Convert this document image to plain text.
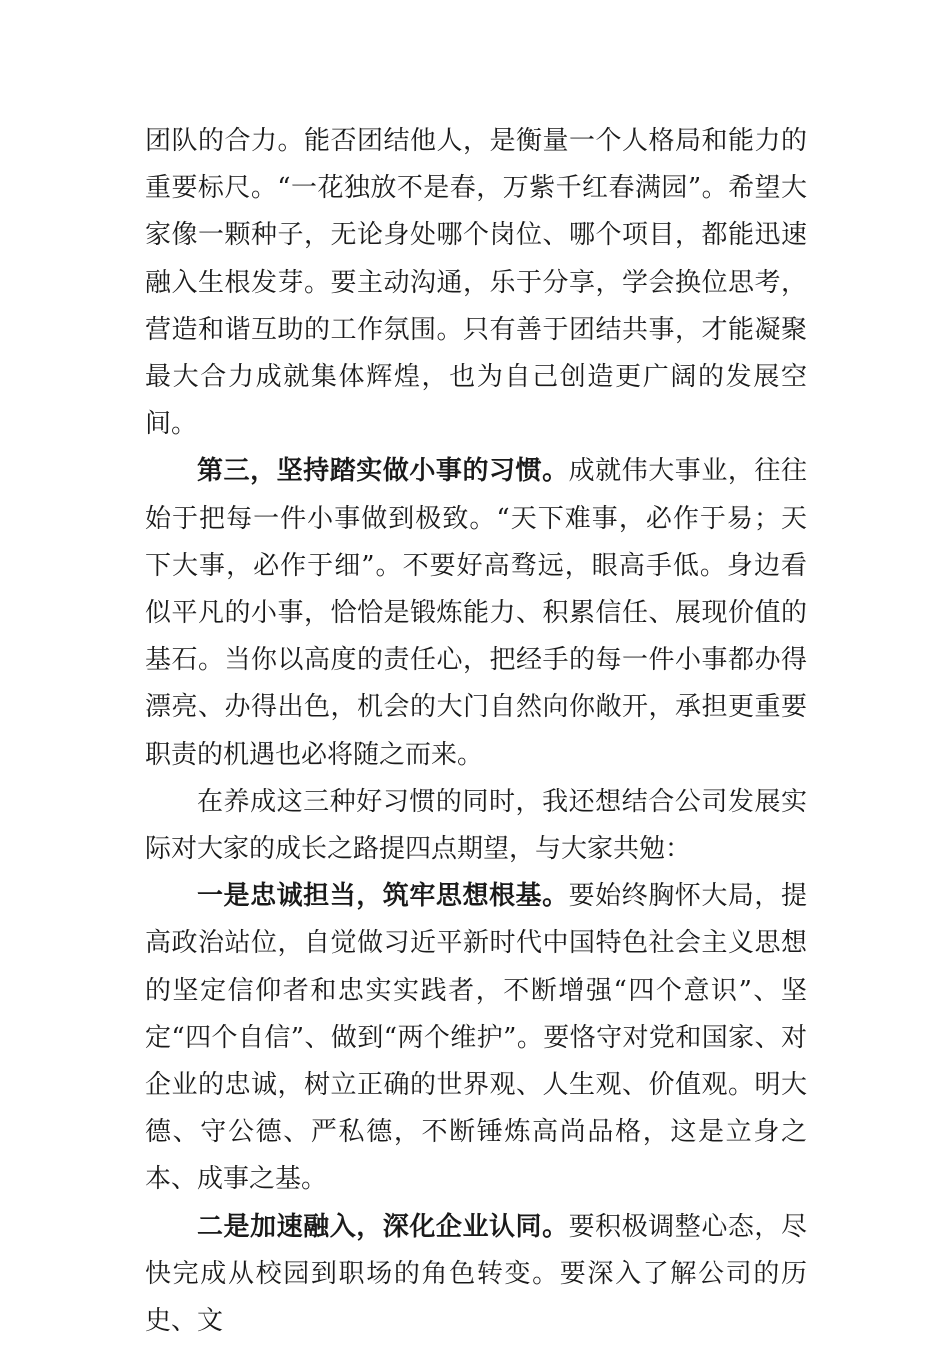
团队的合力。能否团结他人，是衡量一个人格局和能力的重要标尺。“一花独放不是春，万紫千红春满园”。希望大家像一颗种子，无论身处哪个岗位、哪个项目，都能迅速融入生根发芽。要主动沟通，乐于分享，学会换位思考，营造和谐互助的工作氛围。只有善于团结共事，才能凝聚最大合力成就集体辉煌，也为自己创造更广阔的发展空间。

第三，坚持踏实做小事的习惯。成就伟大事业，往往始于把每一件小事做到极致。“天下难事，必作于易；天下大事，必作于细”。不要好高骛远，眼高手低。身边看似平凡的小事，恰恰是锻炼能力、积累信任、展现价值的基石。当你以高度的责任心，把经手的每一件小事都办得漂亮、办得出色，机会的大门自然向你敞开，承担更重要职责的机遇也必将随之而来。

在养成这三种好习惯的同时，我还想结合公司发展实际对大家的成长之路提四点期望，与大家共勉：

一是忠诚担当，筑牢思想根基。要始终胸怀大局，提高政治站位，自觉做习近平新时代中国特色社会主义思想的坚定信仰者和忠实实践者，不断增强“四个意识”、坚定“四个自信”、做到“两个维护”。要恪守对党和国家、对企业的忠诚，树立正确的世界观、人生观、价值观。明大德、守公德、严私德，不断锤炼高尚品格，这是立身之本、成事之基。

二是加速融入，深化企业认同。要积极调整心态，尽快完成从校园到职场的角色转变。要深入了解公司的历史、文
